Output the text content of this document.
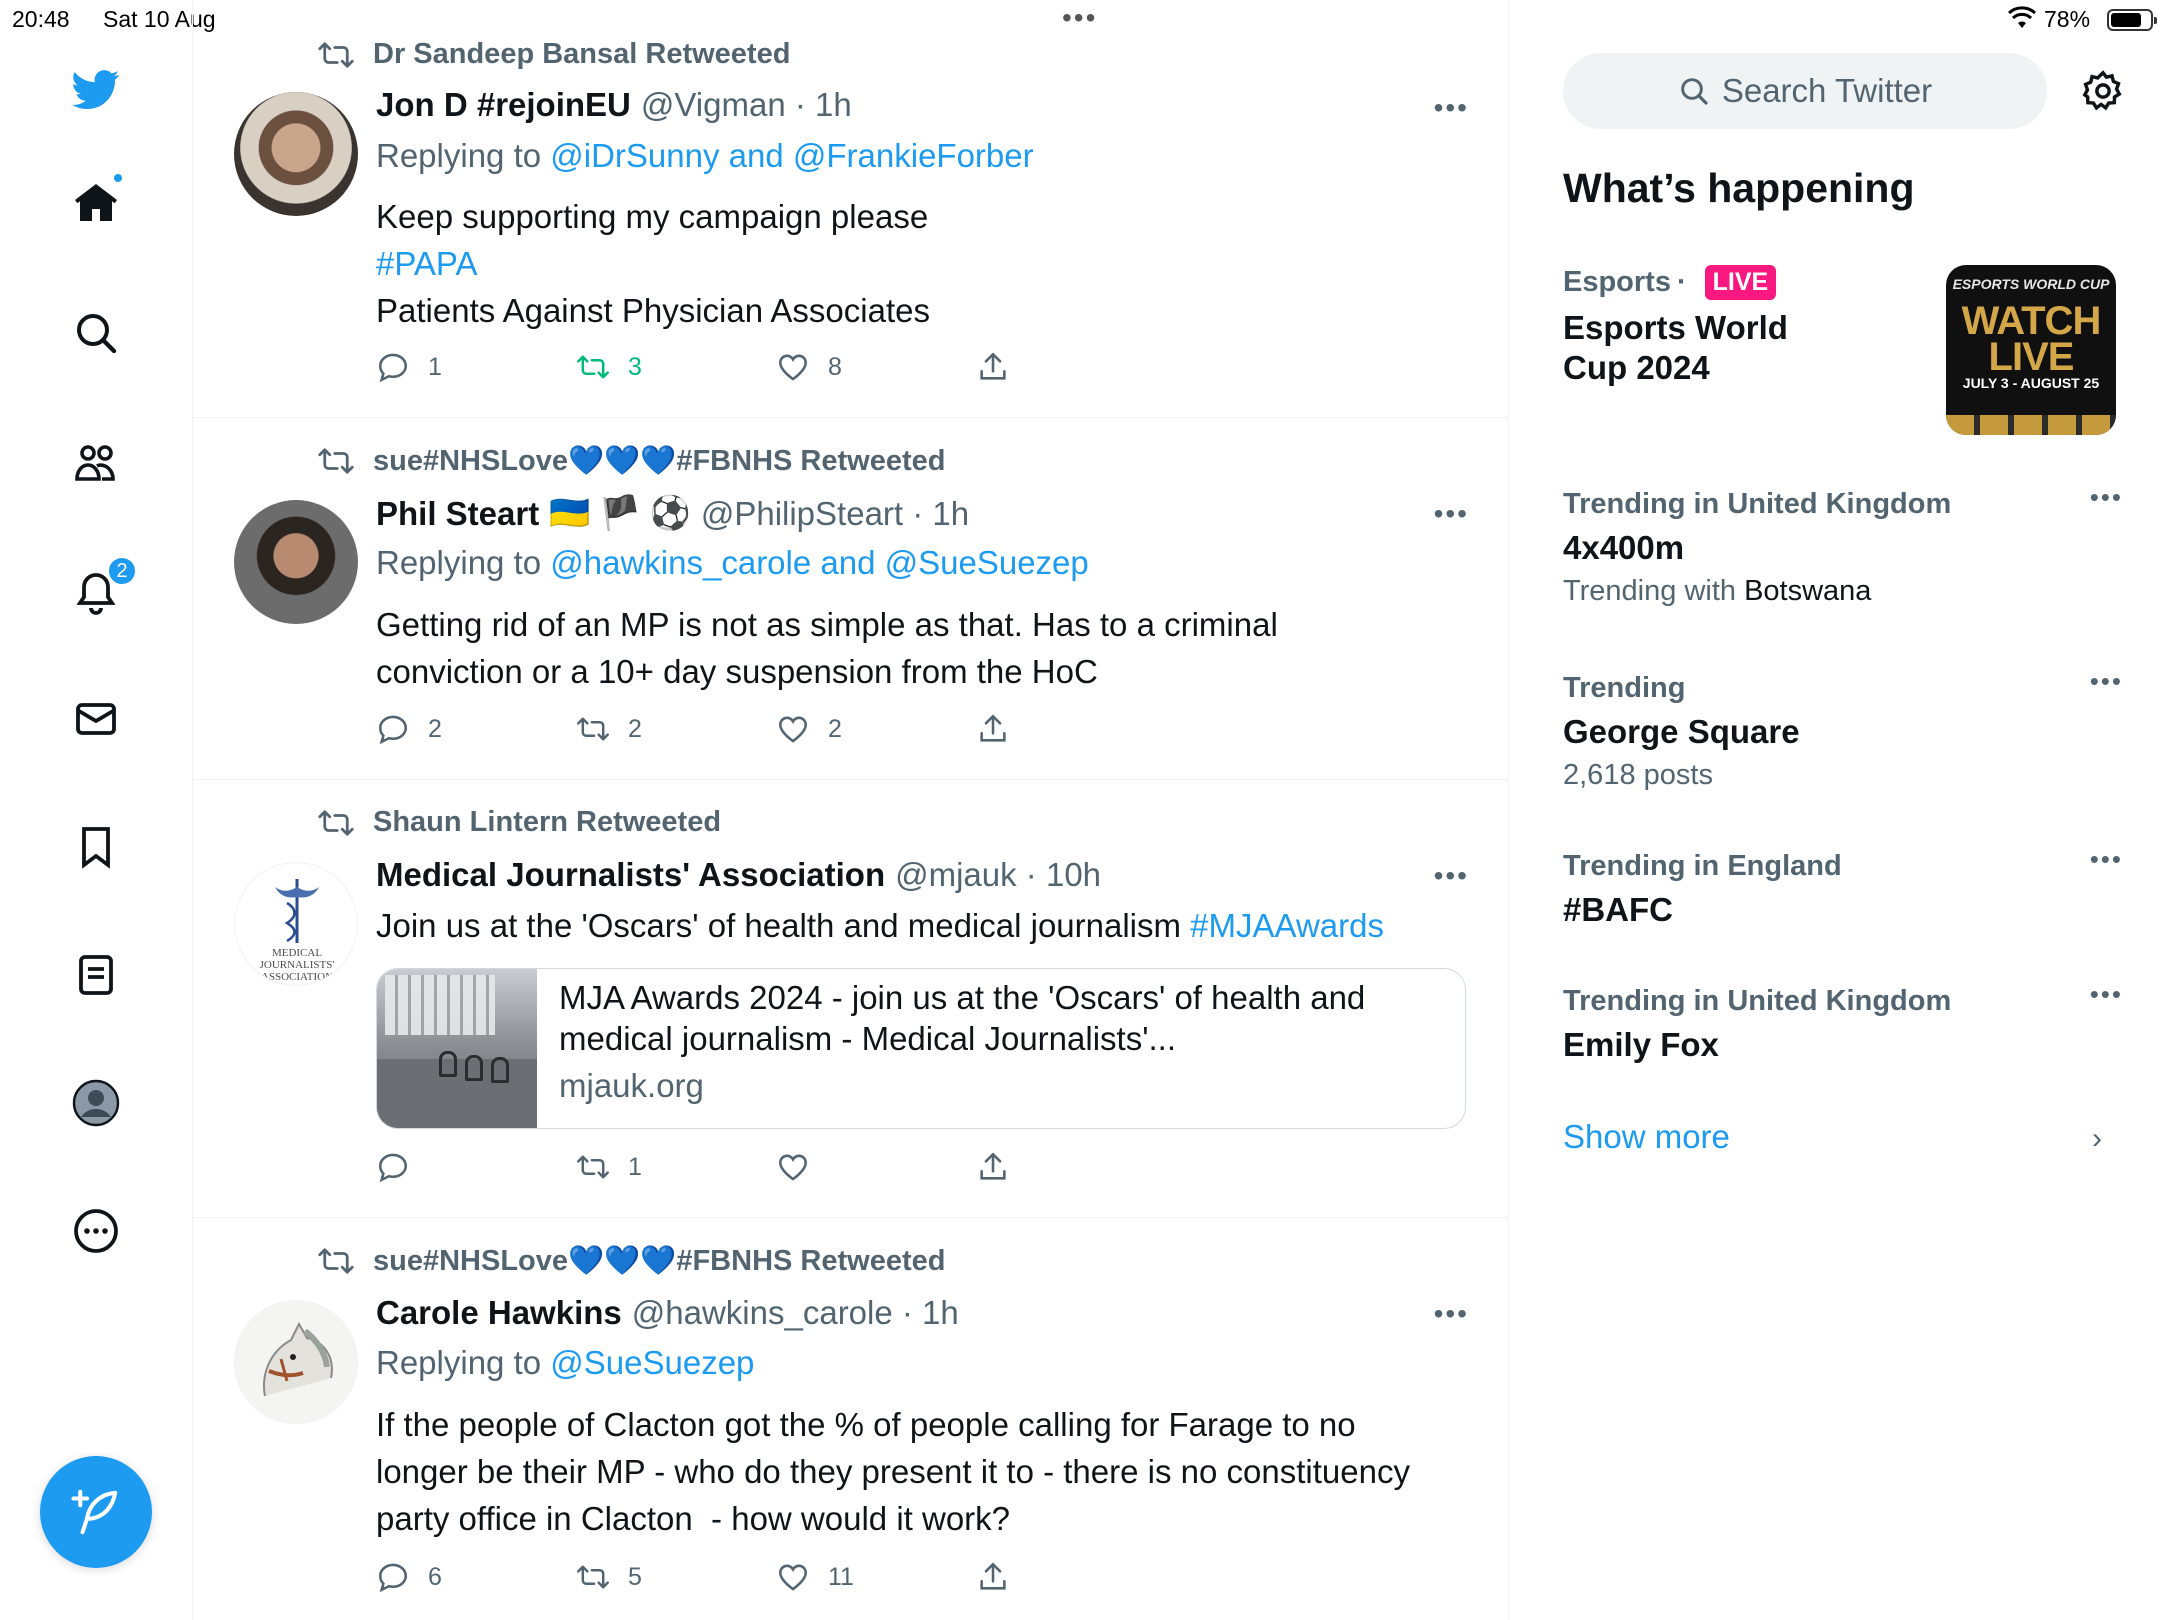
20:48 Sat 10 Aug	•••	78%
2
Dr Sandeep Bansal Retweeted
Jon D #rejoinEU @Vigman · 1h	•••
Replying to @iDrSunny and @FrankieForber
Keep supporting my campaign please
#PAPA
Patients Against Physician Associates
1	3	8
sue#NHSLove💙💙💙#FBNHS Retweeted
Phil Steart 🇺🇦 🏴 ⚽ @PhilipSteart · 1h	•••
Replying to @hawkins_carole and @SueSuezep
Getting rid of an MP is not as simple as that. Has to a criminal
conviction or a 10+ day suspension from the HoC
2	2	2
Shaun Lintern Retweeted
MEDICAL JOURNALISTS' ASSOCIATION
Medical Journalists' Association @mjauk · 10h	•••
Join us at the 'Oscars' of health and medical journalism #MJAAwards
MJA Awards 2024 - join us at the 'Oscars' of health and medical journalism - Medical Journalists'...
mjauk.org
1
sue#NHSLove💙💙💙#FBNHS Retweeted
Carole Hawkins @hawkins_carole · 1h	•••
Replying to @SueSuezep
If the people of Clacton got the % of people calling for Farage to no
longer be their MP - who do they present it to - there is no constituency
party office in Clacton  - how would it work?
6	5	11
Search Twitter
What’s happening
Esports ·	LIVE
Esports World
Cup 2024
ESPORTS WORLD CUP
WATCH LIVE
JULY 3 - AUGUST 25
Trending in United Kingdom	•••
4x400m
Trending with Botswana
Trending	•••
George Square
2,618 posts
Trending in England	•••
#BAFC
Trending in United Kingdom	•••
Emily Fox
Show more	›
